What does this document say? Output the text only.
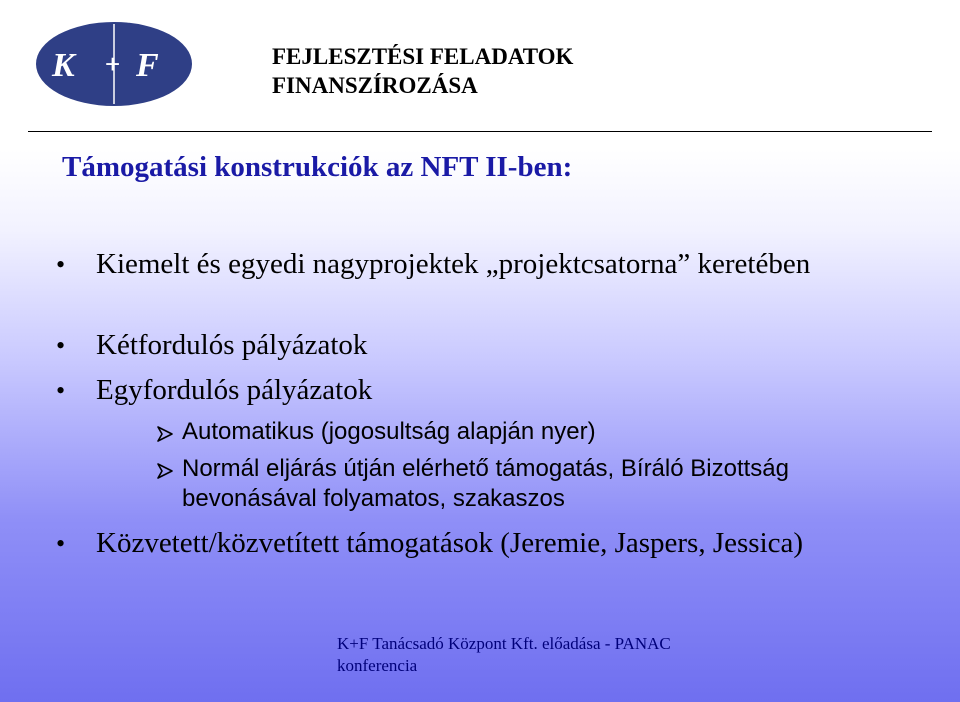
K + F	FEJLESZTÉSI FELADATOK
FINANSZÍROZÁSA
Támogatási konstrukciók az NFT II-ben:
• Kiemelt és egyedi nagyprojektek „projektcsatorna” keretében
• Kétfordulós pályázatok
• Egyfordulós pályázatok
Automatikus (jogosultság alapján nyer)
Normál eljárás útján elérhető támogatás, Bíráló Bizottság bevonásával folyamatos, szakaszos
• Közvetett/közvetített támogatások (Jeremie, Jaspers, Jessica)
K+F Tanácsadó Központ Kft. előadása - PANAC
konferencia
